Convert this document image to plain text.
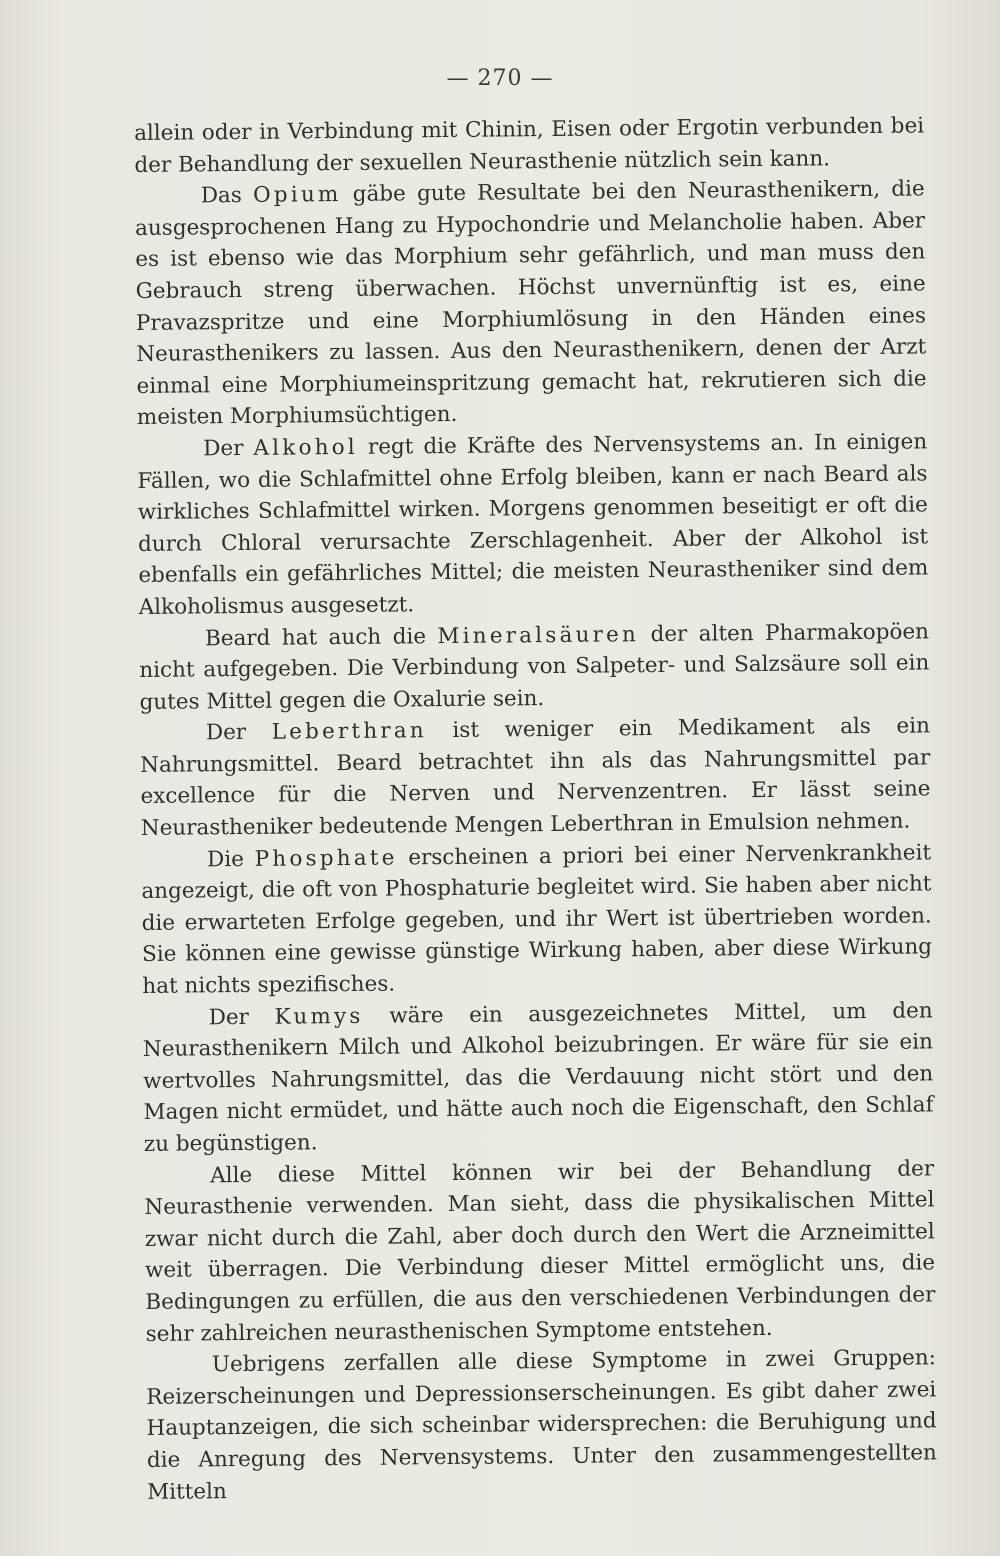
— 270 —

allein oder in Verbindung mit Chinin, Eisen oder Ergotin verbunden bei der Behandlung der sexuellen Neurasthenie nützlich sein kann.

Das Opium gäbe gute Resultate bei den Neurasthenikern, die ausgesprochenen Hang zu Hypochondrie und Melancholie haben. Aber es ist ebenso wie das Morphium sehr gefährlich, und man muss den Gebrauch streng überwachen. Höchst unvernünftig ist es, eine Pravazspritze und eine Morphiumlösung in den Händen eines Neurasthenikers zu lassen. Aus den Neurasthenikern, denen der Arzt einmal eine Morphiumeinspritzung gemacht hat, rekrutieren sich die meisten Morphiumsüchtigen.

Der Alkohol regt die Kräfte des Nervensystems an. In einigen Fällen, wo die Schlafmittel ohne Erfolg bleiben, kann er nach Beard als wirkliches Schlafmittel wirken. Morgens genommen beseitigt er oft die durch Chloral verursachte Zerschlagenheit. Aber der Alkohol ist ebenfalls ein gefährliches Mittel; die meisten Neurastheniker sind dem Alkoholismus ausgesetzt.

Beard hat auch die Mineralsäuren der alten Pharmakopöen nicht aufgegeben. Die Verbindung von Salpeter- und Salzsäure soll ein gutes Mittel gegen die Oxalurie sein.

Der Leberthran ist weniger ein Medikament als ein Nahrungsmittel. Beard betrachtet ihn als das Nahrungsmittel par excellence für die Nerven und Nervenzentren. Er lässt seine Neurastheniker bedeutende Mengen Leberthran in Emulsion nehmen.

Die Phosphate erscheinen a priori bei einer Nervenkrankheit angezeigt, die oft von Phosphaturie begleitet wird. Sie haben aber nicht die erwarteten Erfolge gegeben, und ihr Wert ist übertrieben worden. Sie können eine gewisse günstige Wirkung haben, aber diese Wirkung hat nichts spezifisches.

Der Kumys wäre ein ausgezeichnetes Mittel, um den Neurasthenikern Milch und Alkohol beizubringen. Er wäre für sie ein wertvolles Nahrungsmittel, das die Verdauung nicht stört und den Magen nicht ermüdet, und hätte auch noch die Eigenschaft, den Schlaf zu begünstigen.

Alle diese Mittel können wir bei der Behandlung der Neurasthenie verwenden. Man sieht, dass die physikalischen Mittel zwar nicht durch die Zahl, aber doch durch den Wert die Arzneimittel weit überragen. Die Verbindung dieser Mittel ermöglicht uns, die Bedingungen zu erfüllen, die aus den verschiedenen Verbindungen der sehr zahlreichen neurasthenischen Symptome entstehen.

Uebrigens zerfallen alle diese Symptome in zwei Gruppen: Reizerscheinungen und Depressionserscheinungen. Es gibt daher zwei Hauptanzeigen, die sich scheinbar widersprechen: die Beruhigung und die Anregung des Nervensystems. Unter den zusammengestellten Mitteln
